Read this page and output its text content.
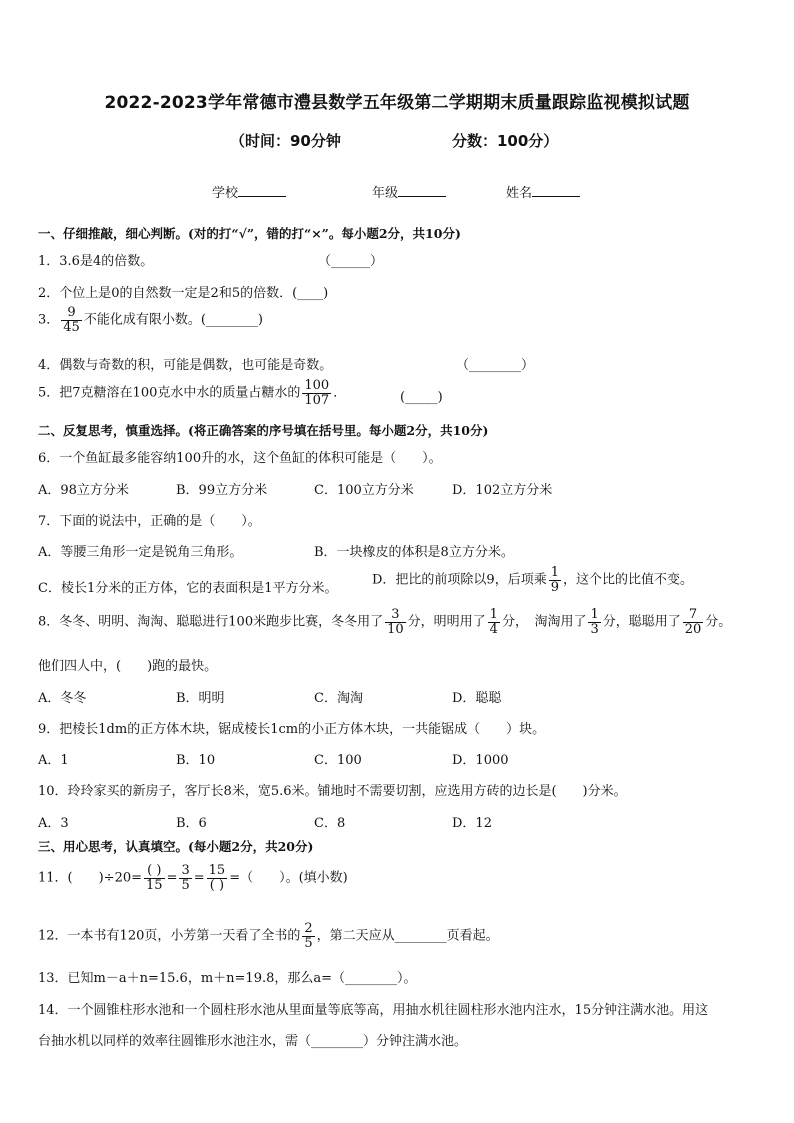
2022-2023学年常德市澧县数学五年级第二学期期末质量跟踪监视模拟试题
（时间：90分钟	分数：100分）
学校	年级	姓名
一、仔细推敲，细心判断。(对的打“√”，错的打“×”。每小题2分，共10分)
1．3.6是4的倍数。	（______）
2．个位上是0的自然数一定是2和5的倍数．(____)
3． $\frac{9}{45}$ 不能化成有限小数。(________)
4．偶数与奇数的积，可能是偶数，也可能是奇数。	（________）
5．把7克糖溶在100克水中水的质量占糖水的 $\frac{100}{107}$ ．	(_____)
二、反复思考，慎重选择。(将正确答案的序号填在括号里。每小题2分，共10分)
6．一个鱼缸最多能容纳100升的水，这个鱼缸的体积可能是（　　）。
A．98立方分米	B．99立方分米	C．100立方分米	D．102立方分米
7．下面的说法中，正确的是（　　）。
A．等腰三角形一定是锐角三角形。	B．一块橡皮的体积是8立方分米。
C．棱长1分米的正方体，它的表面积是1平方分米。
D．把比的前项除以9，后项乘 $\frac{1}{9}$ ，这个比的比值不变。
8．冬冬、明明、淘淘、聪聪进行100米跑步比赛，冬冬用了 $\frac{3}{10}$ 分，明明用了 $\frac{1}{4}$ 分，　淘淘用了 $\frac{1}{3}$ 分，聪聪用了 $\frac{7}{20}$ 分。
他们四人中，(　　)跑的最快。
A．冬冬	B．明明	C．淘淘	D．聪聪
9．把棱长1dm的正方体木块，锯成棱长1cm的小正方体木块，一共能锯成（　　）块。
A．1	B．10	C．100	D．1000
10．玲玲家买的新房子，客厅长8米，宽5.6米。铺地时不需要切割，应选用方砖的边长是(　　)分米。
A．3	B．6	C．8	D．12
三、用心思考，认真填空。(每小题2分，共20分)
11．(　　)$\div 20= \frac{( )}{15} = \frac{3}{5} = \frac{15}{( )}$ =（　　）。(填小数)
12．一本书有120页，小芳第一天看了全书的 $\frac{2}{5}$ ，第二天应从________页看起。
13．已知m－a＋n=15.6，m＋n=19.8，那么a=（________）。
14．一个圆锥柱形水池和一个圆柱形水池从里面量等底等高，用抽水机往圆柱形水池内注水，15分钟注满水池。用这
台抽水机以同样的效率往圆锥形水池注水，需（________）分钟注满水池。
